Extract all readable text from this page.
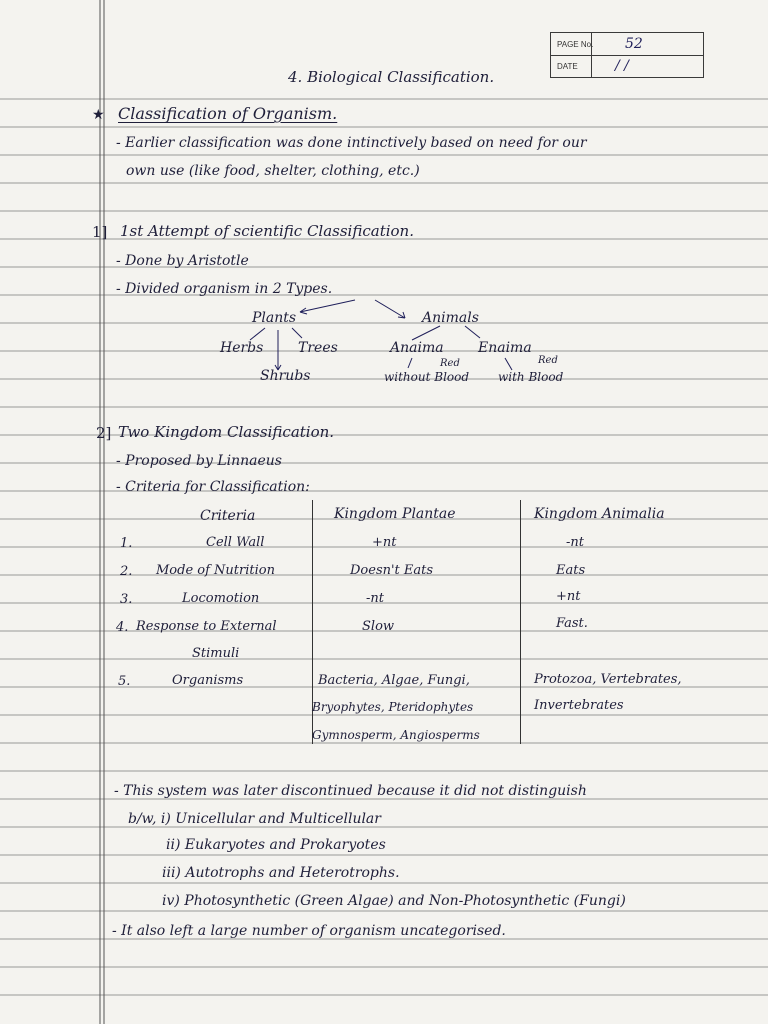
PAGE No. 52
DATE	/ /
4. Biological Classification.
★ Classification of Organism.
- Earlier classification was done intinctively based on need for our
own use (like food, shelter, clothing, etc.)
1] 1st Attempt of scientific Classification.
- Done by Aristotle
- Divided organism in 2 Types.
Plants	Animals
Herbs Trees
Shrubs
Anaima Enaima
Red
without Blood
Red
with Blood
2] Two Kingdom Classification.
- Proposed by Linnaeus
- Criteria for Classification:
Criteria	Kingdom Plantae	Kingdom Animalia
1.	Cell Wall	+nt	-nt
2. Mode of Nutrition	Doesn't Eats	Eats
3.	Locomotion	-nt	+nt
4. Response to External	Slow	Fast.
Stimuli
5.	Organisms	Bacteria, Algae, Fungi,	Protozoa, Vertebrates,
Bryophytes, Pteridophytes	Invertebrates
Gymnosperm, Angiosperms
- This system was later discontinued because it did not distinguish
b/w, i) Unicellular and Multicellular
ii) Eukaryotes and Prokaryotes
iii) Autotrophs and Heterotrophs.
iv) Photosynthetic (Green Algae) and Non-Photosynthetic (Fungi)
- It also left a large number of organism uncategorised.
